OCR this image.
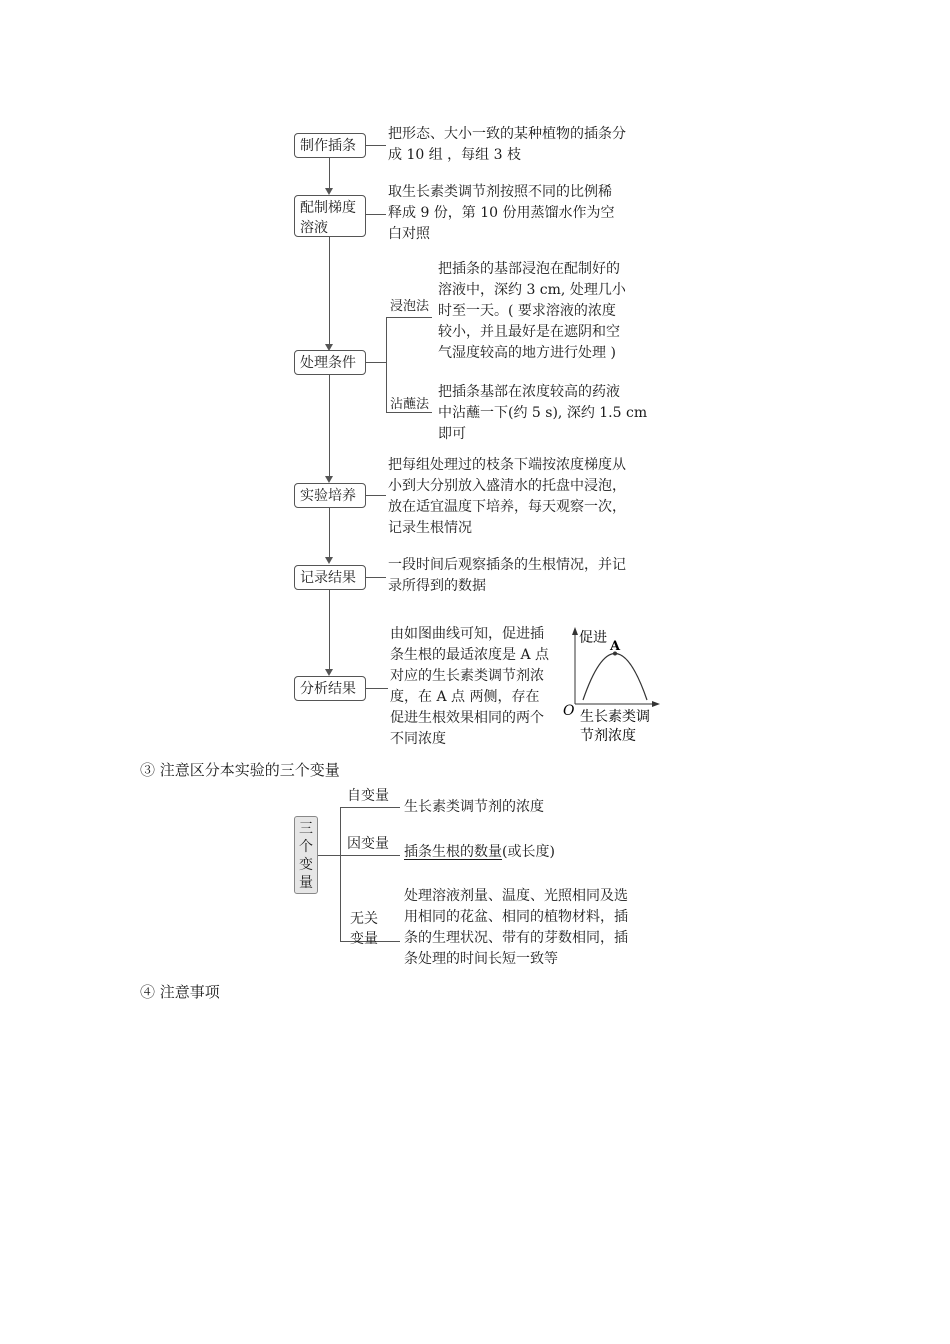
制作插条
把形态、大小一致的某种植物的插条分
成 10 组 ，每组 3 枝
配制梯度
溶液
取生长素类调节剂按照不同的比例稀
释成 9 份，第 10 份用蒸馏水作为空
白对照
处理条件
浸泡法
沾蘸法
把插条的基部浸泡在配制好的
溶液中，深约 3 cm, 处理几小
时至一天。( 要求溶液的浓度
较小，并且最好是在遮阴和空
气湿度较高的地方进行处理 )
把插条基部在浓度较高的药液
中沾蘸一下(约 5 s), 深约 1.5 cm
即可
实验培养
把每组处理过的枝条下端按浓度梯度从
小到大分别放入盛清水的托盘中浸泡，
放在适宜温度下培养，每天观察一次，
记录生根情况
记录结果
一段时间后观察插条的生根情况，并记
录所得到的数据
分析结果
由如图曲线可知，促进插
条生根的最适浓度是 A 点
对应的生长素类调节剂浓
度，在 A 点 两侧，存在
促进生根效果相同的两个
不同浓度
A
促进
O 生长素类调
节剂浓度
③ 注意区分本实验的三个变量
三
个
变
量
自变量
生长素类调节剂的浓度
因变量 插条生根的数量(或长度)
无关
变量
处理溶液剂量、温度、光照相同及选
用相同的花盆、相同的植物材料，插
条的生理状况、带有的芽数相同，插
条处理的时间长短一致等
④ 注意事项
